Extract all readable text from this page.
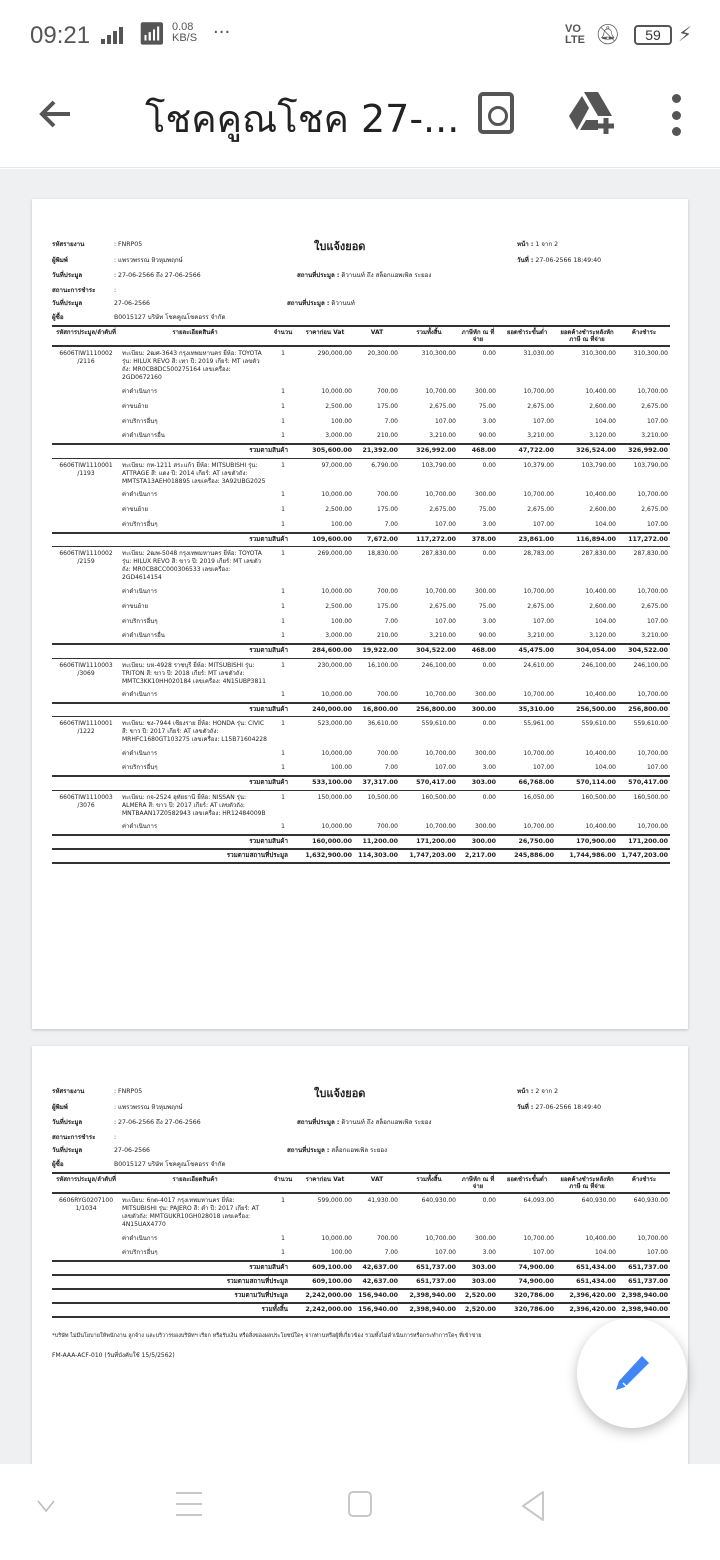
09:21 📶︎ 0.08
KB/S ···	VO
LTE 🔕︎	59 ⚡︎
โชคคูณโชค 27-...
รหัสรายงาน	: FNRP05	ใบแจ้งยอด	หน้า : 1 จาก 2
ผู้พิมพ์	: แพรวพรรณ หิวหุมพฤกษ์	วันที่ : 27-06-2566 18:49:40
วันที่ประมูล	: 27-06-2566 ถึง 27-06-2566	สถานที่ประมูล : ดิวานนท์ ถึง สล็อกแอพเพิล ระยอง
สถานะการชำระ	:
วันที่ประมูล	27-06-2566	สถานที่ประมูล : ดิวานนท์
ผู้ซื้อ	B0015127 บริษัท โชคคูณโชคอรร จำกัด
รหัสการประมูล/ลำดับที่	รายละเอียดสินค้า	จำนวน	ราคาก่อน Vat	VAT	รวมทั้งสิ้น	ภาษีหัก ณ ที่จ่าย	ยอดชำระขั้นต่ำ	ยอดค้างชำระหลังหักภาษี ณ ที่จ่าย	ค้างชำระ
6606TIW1110002 /2116	ทะเบียน: 2ฒศ-3643 กรุงเทพมหานคร ยี่ห้อ: TOYOTA รุ่น: HILUX REVO สี: เทา ปี: 2019 เกียร์: MT เลขตัวถัง: MR0CB8DC500275164 เลขเครื่อง: 2GD0672160	1	290,000.00	20,300.00	310,300.00	0.00	31,030.00	310,300.00	310,300.00
	ค่าดำเนินการ	1	10,000.00	700.00	10,700.00	300.00	10,700.00	10,400.00	10,700.00
	ค่าขนย้าย	1	2,500.00	175.00	2,675.00	75.00	2,675.00	2,600.00	2,675.00
	ค่าบริการอื่นๆ	1	100.00	7.00	107.00	3.00	107.00	104.00	107.00
	ค่าดำเนินการอื่น	1	3,000.00	210.00	3,210.00	90.00	3,210.00	3,120.00	3,210.00
	รวมตามสินค้า		305,600.00	21,392.00	326,992.00	468.00	47,722.00	326,524.00	326,992.00
6606TIW1110001 /1193	ทะเบียน: กท-1211 สระแก้ว ยี่ห้อ: MITSUBISHI รุ่น: ATTRAGE สี: แดง ปี: 2014 เกียร์: AT เลขตัวถัง: MMTSTA13AEH018895 เลขเครื่อง: 3A92UBG2025	1	97,000.00	6,790.00	103,790.00	0.00	10,379.00	103,790.00	103,790.00
	ค่าดำเนินการ	1	10,000.00	700.00	10,700.00	300.00	10,700.00	10,400.00	10,700.00
	ค่าขนย้าย	1	2,500.00	175.00	2,675.00	75.00	2,675.00	2,600.00	2,675.00
	ค่าบริการอื่นๆ	1	100.00	7.00	107.00	3.00	107.00	104.00	107.00
	รวมตามสินค้า		109,600.00	7,672.00	117,272.00	378.00	23,861.00	116,894.00	117,272.00
6606TIW1110002 /2159	ทะเบียน: 2ฒพ-5048 กรุงเทพมหานคร ยี่ห้อ: TOYOTA รุ่น: HILUX REVO สี: ขาว ปี: 2019 เกียร์: MT เลขตัวถัง: MR0CB8CC000306533 เลขเครื่อง: 2GD4614154	1	269,000.00	18,830.00	287,830.00	0.00	28,783.00	287,830.00	287,830.00
	ค่าดำเนินการ	1	10,000.00	700.00	10,700.00	300.00	10,700.00	10,400.00	10,700.00
	ค่าขนย้าย	1	2,500.00	175.00	2,675.00	75.00	2,675.00	2,600.00	2,675.00
	ค่าบริการอื่นๆ	1	100.00	7.00	107.00	3.00	107.00	104.00	107.00
	ค่าดำเนินการอื่น	1	3,000.00	210.00	3,210.00	90.00	3,210.00	3,120.00	3,210.00
	รวมตามสินค้า		284,600.00	19,922.00	304,522.00	468.00	45,475.00	304,054.00	304,522.00
6606TIW1110003 /3069	ทะเบียน: บห-4928 ราชบุรี ยี่ห้อ: MITSUBISHI รุ่น: TRITON สี: ขาว ปี: 2018 เกียร์: MT เลขตัวถัง: MMTC3KK10HH020184 เลขเครื่อง: 4N15UBP3811	1	230,000.00	16,100.00	246,100.00	0.00	24,610.00	246,100.00	246,100.00
	ค่าดำเนินการ	1	10,000.00	700.00	10,700.00	300.00	10,700.00	10,400.00	10,700.00
	รวมตามสินค้า		240,000.00	16,800.00	256,800.00	300.00	35,310.00	256,500.00	256,800.00
6606TIW1110001 /1222	ทะเบียน: ชง-7944 เชียงราย ยี่ห้อ: HONDA รุ่น: CIVIC สี: ขาว ปี: 2017 เกียร์: AT เลขตัวถัง: MRHFC1680GT103275 เลขเครื่อง: L15B71604228	1	523,000.00	36,610.00	559,610.00	0.00	55,961.00	559,610.00	559,610.00
	ค่าดำเนินการ	1	10,000.00	700.00	10,700.00	300.00	10,700.00	10,400.00	10,700.00
	ค่าบริการอื่นๆ	1	100.00	7.00	107.00	3.00	107.00	104.00	107.00
	รวมตามสินค้า		533,100.00	37,317.00	570,417.00	303.00	66,768.00	570,114.00	570,417.00
6606TIW1110003 /3076	ทะเบียน: กจ-2524 อุทัยธานี ยี่ห้อ: NISSAN รุ่น: ALMERA สี: ขาว ปี: 2017 เกียร์: AT เลขตัวถัง: MNTBAAN17Z0582943 เลขเครื่อง: HR12484009B	1	150,000.00	10,500.00	160,500.00	0.00	16,050.00	160,500.00	160,500.00
	ค่าดำเนินการ	1	10,000.00	700.00	10,700.00	300.00	10,700.00	10,400.00	10,700.00
	รวมตามสินค้า		160,000.00	11,200.00	171,200.00	300.00	26,750.00	170,900.00	171,200.00
	รวมตามสถานที่ประมูล		1,632,900.00	114,303.00	1,747,203.00	2,217.00	245,886.00	1,744,986.00	1,747,203.00
รหัสรายงาน	: FNRP05	ใบแจ้งยอด	หน้า : 2 จาก 2
ผู้พิมพ์	: แพรวพรรณ หิวหุมพฤกษ์	วันที่ : 27-06-2566 18:49:40
วันที่ประมูล	: 27-06-2566 ถึง 27-06-2566	สถานที่ประมูล : ดิวานนท์ ถึง สล็อกแอพเพิล ระยอง
สถานะการชำระ	:
วันที่ประมูล	27-06-2566	สถานที่ประมูล : สล็อกแอพเพิล ระยอง
ผู้ซื้อ	B0015127 บริษัท โชคคูณโชคอรร จำกัด
รหัสการประมูล/ลำดับที่	รายละเอียดสินค้า	จำนวน	ราคาก่อน Vat	VAT	รวมทั้งสิ้น	ภาษีหัก ณ ที่จ่าย	ยอดชำระขั้นต่ำ	ยอดค้างชำระหลังหักภาษี ณ ที่จ่าย	ค้างชำระ
6606RYG0207100 1/1034	ทะเบียน: 6กด-4017 กรุงเทพมหานคร ยี่ห้อ: MITSUBISHI รุ่น: PAJERO สี: ดำ ปี: 2017 เกียร์: AT เลขตัวถัง: MMTGUKR10GH028018 เลขเครื่อง: 4N15UAX4770	1	599,000.00	41,930.00	640,930.00	0.00	64,093.00	640,930.00	640,930.00
	ค่าดำเนินการ	1	10,000.00	700.00	10,700.00	300.00	10,700.00	10,400.00	10,700.00
	ค่าบริการอื่นๆ	1	100.00	7.00	107.00	3.00	107.00	104.00	107.00
	รวมตามสินค้า		609,100.00	42,637.00	651,737.00	303.00	74,900.00	651,434.00	651,737.00
	รวมตามสถานที่ประมูล		609,100.00	42,637.00	651,737.00	303.00	74,900.00	651,434.00	651,737.00
	รวมตามวันที่ประมูล		2,242,000.00	156,940.00	2,398,940.00	2,520.00	320,786.00	2,396,420.00	2,398,940.00
	รวมทั้งสิ้น		2,242,000.00	156,940.00	2,398,940.00	2,520.00	320,786.00	2,396,420.00	2,398,940.00
*บริษัท ไม่มีนโยบายให้พนักงาน ลูกจ้าง และบริวารของบริษัทฯ เรียก หรือรับเงิน หรือสิ่งของผลประโยชน์ใดๆ จากท่านหรือผู้ที่เกี่ยวข้อง รวมทั้งไม่ดำเนินการหรือกระทำการใดๆ ที่เข้าข่าย
FM-AAA-ACF-010 (วันที่บังคับใช้ 15/5/2562)
